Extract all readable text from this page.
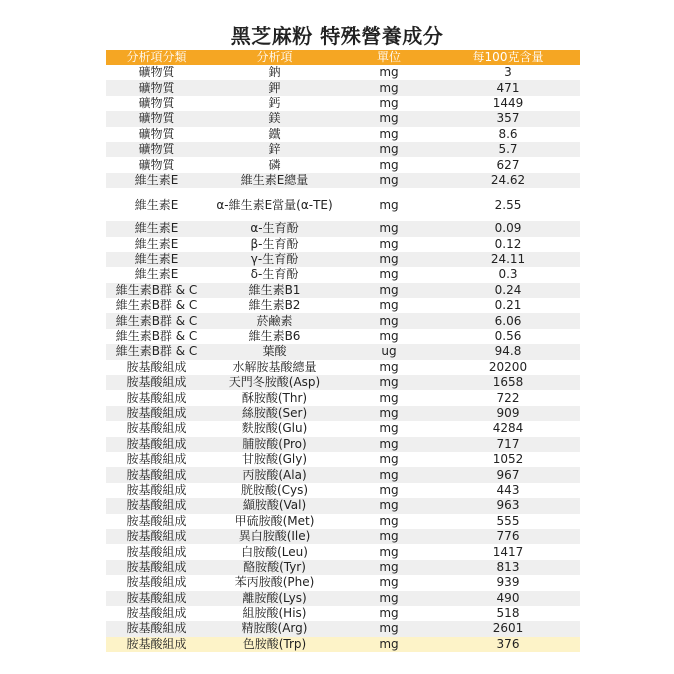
黑芝麻粉 特殊營養成分
分析項分類	分析項	單位	每100克含量
礦物質	鈉	mg	3
礦物質	鉀	mg	471
礦物質	鈣	mg	1449
礦物質	鎂	mg	357
礦物質	鐵	mg	8.6
礦物質	鋅	mg	5.7
礦物質	磷	mg	627
維生素E	維生素E總量	mg	24.62
維生素E	α-維生素E當量(α-TE)	mg	2.55
維生素E	α-生育酚	mg	0.09
維生素E	β-生育酚	mg	0.12
維生素E	γ-生育酚	mg	24.11
維生素E	δ-生育酚	mg	0.3
維生素B群 & C	維生素B1	mg	0.24
維生素B群 & C	維生素B2	mg	0.21
維生素B群 & C	菸鹼素	mg	6.06
維生素B群 & C	維生素B6	mg	0.56
維生素B群 & C	葉酸	ug	94.8
胺基酸組成	水解胺基酸總量	mg	20200
胺基酸組成	天門冬胺酸(Asp)	mg	1658
胺基酸組成	酥胺酸(Thr)	mg	722
胺基酸組成	絲胺酸(Ser)	mg	909
胺基酸組成	麩胺酸(Glu)	mg	4284
胺基酸組成	脯胺酸(Pro)	mg	717
胺基酸組成	甘胺酸(Gly)	mg	1052
胺基酸組成	丙胺酸(Ala)	mg	967
胺基酸組成	胱胺酸(Cys)	mg	443
胺基酸組成	纈胺酸(Val)	mg	963
胺基酸組成	甲硫胺酸(Met)	mg	555
胺基酸組成	異白胺酸(Ile)	mg	776
胺基酸組成	白胺酸(Leu)	mg	1417
胺基酸組成	酪胺酸(Tyr)	mg	813
胺基酸組成	苯丙胺酸(Phe)	mg	939
胺基酸組成	離胺酸(Lys)	mg	490
胺基酸組成	組胺酸(His)	mg	518
胺基酸組成	精胺酸(Arg)	mg	2601
胺基酸組成	色胺酸(Trp)	mg	376
